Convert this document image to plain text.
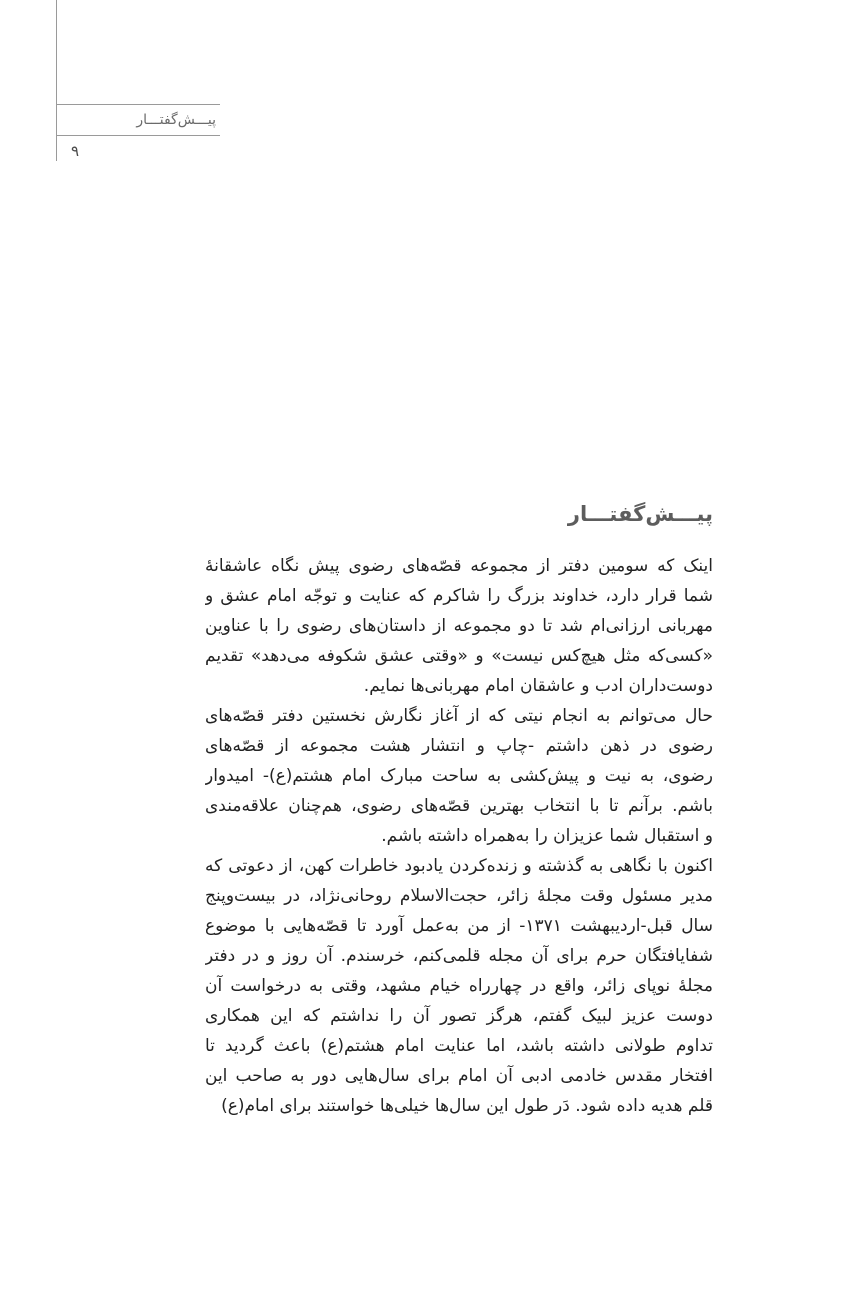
پیـــش‌گفتـــار
۹
پیـــش‌گفتـــار
اینک که سومین دفتر از مجموعه قصّه‌های رضوی پیش نگاه عاشقانهٔ
شما قرار دارد، خداوند بزرگ را شاکرم که عنایت و توجّه امام عشق و
مهربانی ارزانی‌ام شد تا دو مجموعه از داستان‌های رضوی را با عناوین
«کسی‌که مثل هیچ‌کس نیست» و «وقتی عشق شکوفه می‌دهد» تقدیم
دوست‌داران ادب و عاشقان امام مهربانی‌ها نمایم.
حال می‌توانم به انجام نیتی که از آغاز نگارش نخستین دفتر قصّه‌های
رضوی در ذهن داشتم -چاپ و انتشار هشت مجموعه از قصّه‌های
رضوی، به نیت و پیش‌کشی به ساحت مبارک امام هشتم(ع)- امیدوار
باشم. برآنم تا با انتخاب بهترین قصّه‌های رضوی، هم‌چنان علاقه‌مندی
و استقبال شما عزیزان را به‌همراه داشته باشم.
اکنون با نگاهی به گذشته و زنده‌کردن یادبود خاطرات کهن، از دعوتی که
مدیر مسئول وقت مجلهٔ زائر، حجت‌الاسلام روحانی‌نژاد، در بیست‌وپنج
سال قبل-اردیبهشت ۱۳۷۱- از من به‌عمل آورد تا قصّه‌هایی با موضوع
شفایافتگان حرم برای آن مجله قلمی‌کنم، خرسندم. آن روز و در دفتر
مجلهٔ نوپای زائر، واقع در چهارراه خیام مشهد، وقتی به درخواست آن
دوست عزیز لبیک گفتم، هرگز تصور آن را نداشتم که این همکاری
تداوم طولانی داشته باشد، اما عنایت امام هشتم(ع) باعث گردید تا
افتخار مقدس خادمی ادبی آن امام برای سال‌هایی دور به صاحب این
قلم هدیه داده شود. دَر طول این سال‌ها خیلی‌ها خواستند برای امام(ع)
